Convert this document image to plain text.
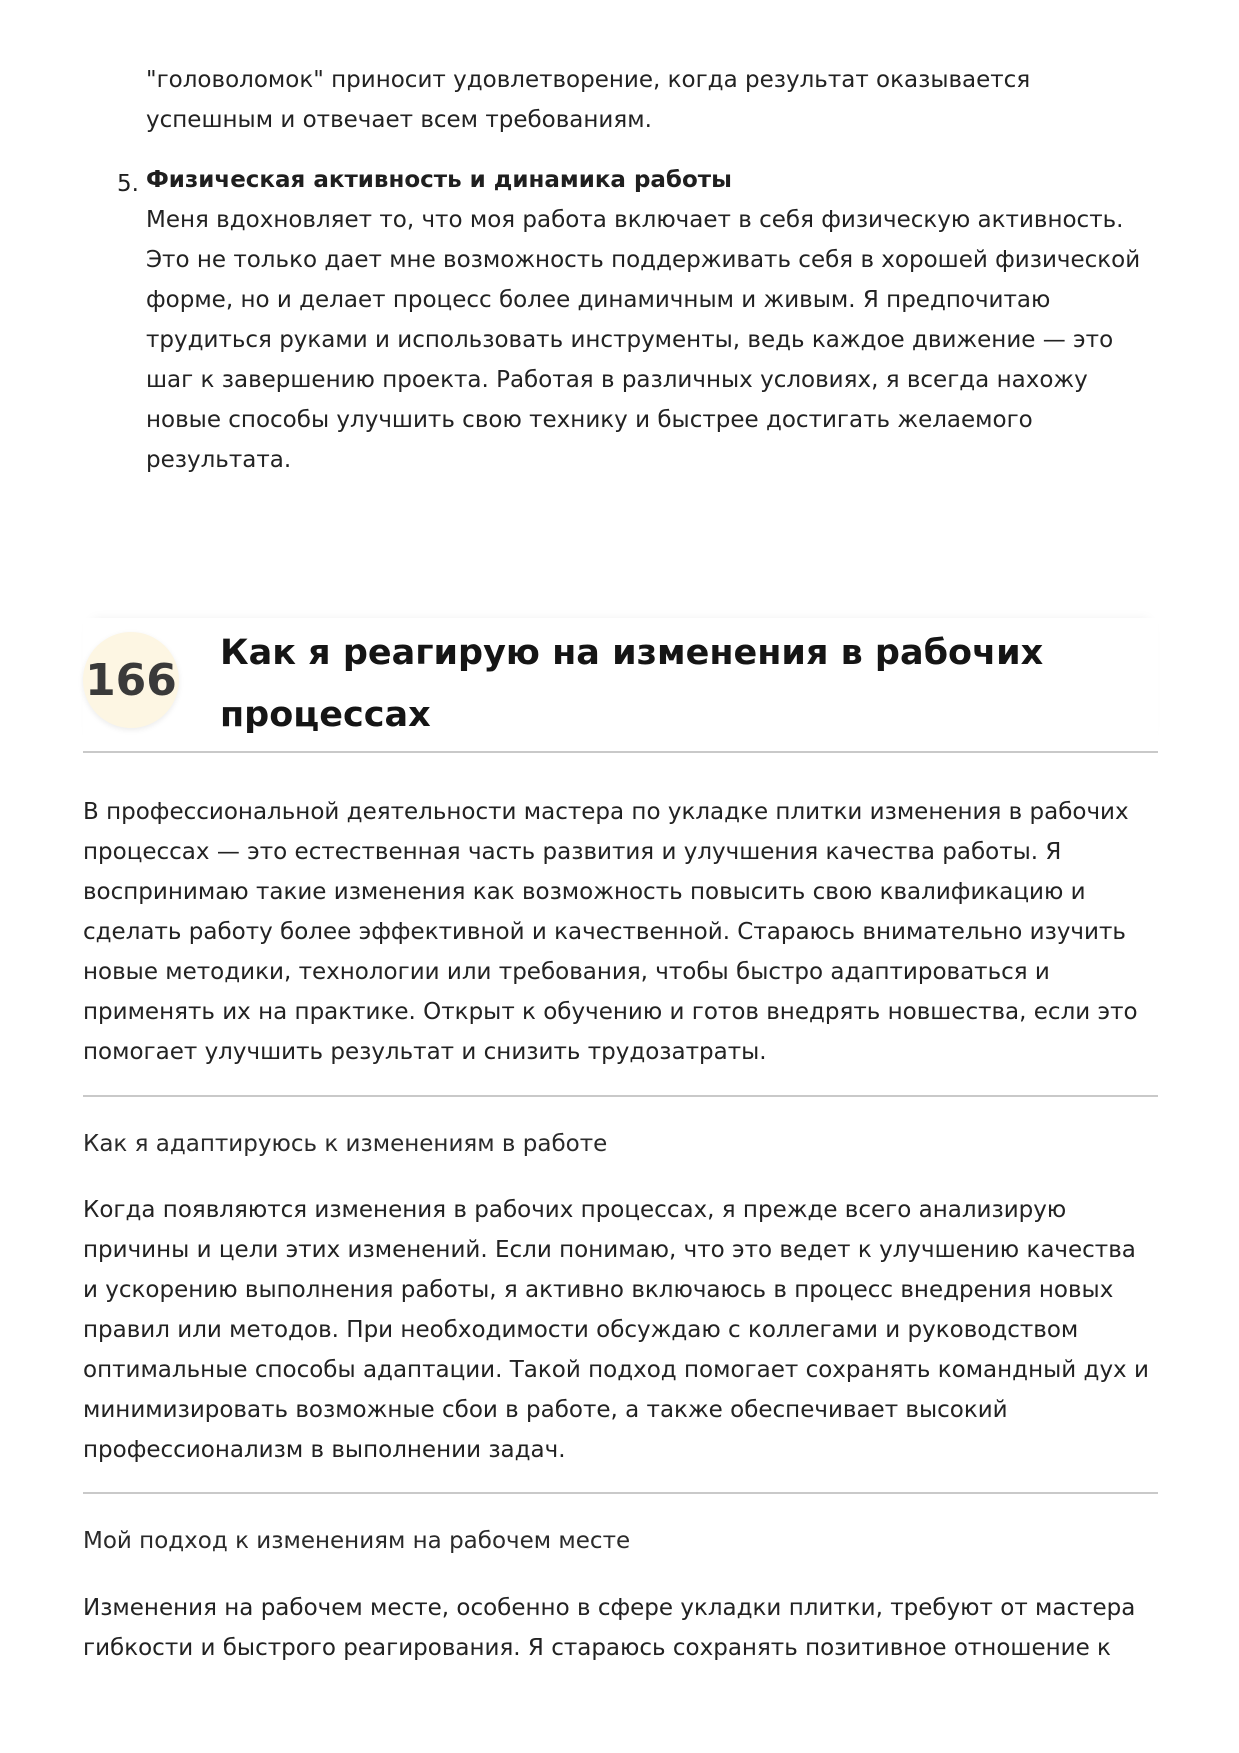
"головоломок" приносит удовлетворение, когда результат оказывается успешным и отвечает всем требованиям.

5. Физическая активность и динамика работы
Меня вдохновляет то, что моя работа включает в себя физическую активность. Это не только дает мне возможность поддерживать себя в хорошей физической форме, но и делает процесс более динамичным и живым. Я предпочитаю трудиться руками и использовать инструменты, ведь каждое движение — это шаг к завершению проекта. Работая в различных условиях, я всегда нахожу новые способы улучшить свою технику и быстрее достигать желаемого результата.
166
Как я реагирую на изменения в рабочих процессах

В профессиональной деятельности мастера по укладке плитки изменения в рабочих процессах — это естественная часть развития и улучшения качества работы. Я воспринимаю такие изменения как возможность повысить свою квалификацию и сделать работу более эффективной и качественной. Стараюсь внимательно изучить новые методики, технологии или требования, чтобы быстро адаптироваться и применять их на практике. Открыт к обучению и готов внедрять новшества, если это помогает улучшить результат и снизить трудозатраты.

Как я адаптируюсь к изменениям в работе

Когда появляются изменения в рабочих процессах, я прежде всего анализирую причины и цели этих изменений. Если понимаю, что это ведет к улучшению качества и ускорению выполнения работы, я активно включаюсь в процесс внедрения новых правил или методов. При необходимости обсуждаю с коллегами и руководством оптимальные способы адаптации. Такой подход помогает сохранять командный дух и минимизировать возможные сбои в работе, а также обеспечивает высокий профессионализм в выполнении задач.

Мой подход к изменениям на рабочем месте

Изменения на рабочем месте, особенно в сфере укладки плитки, требуют от мастера гибкости и быстрого реагирования. Я стараюсь сохранять позитивное отношение к
